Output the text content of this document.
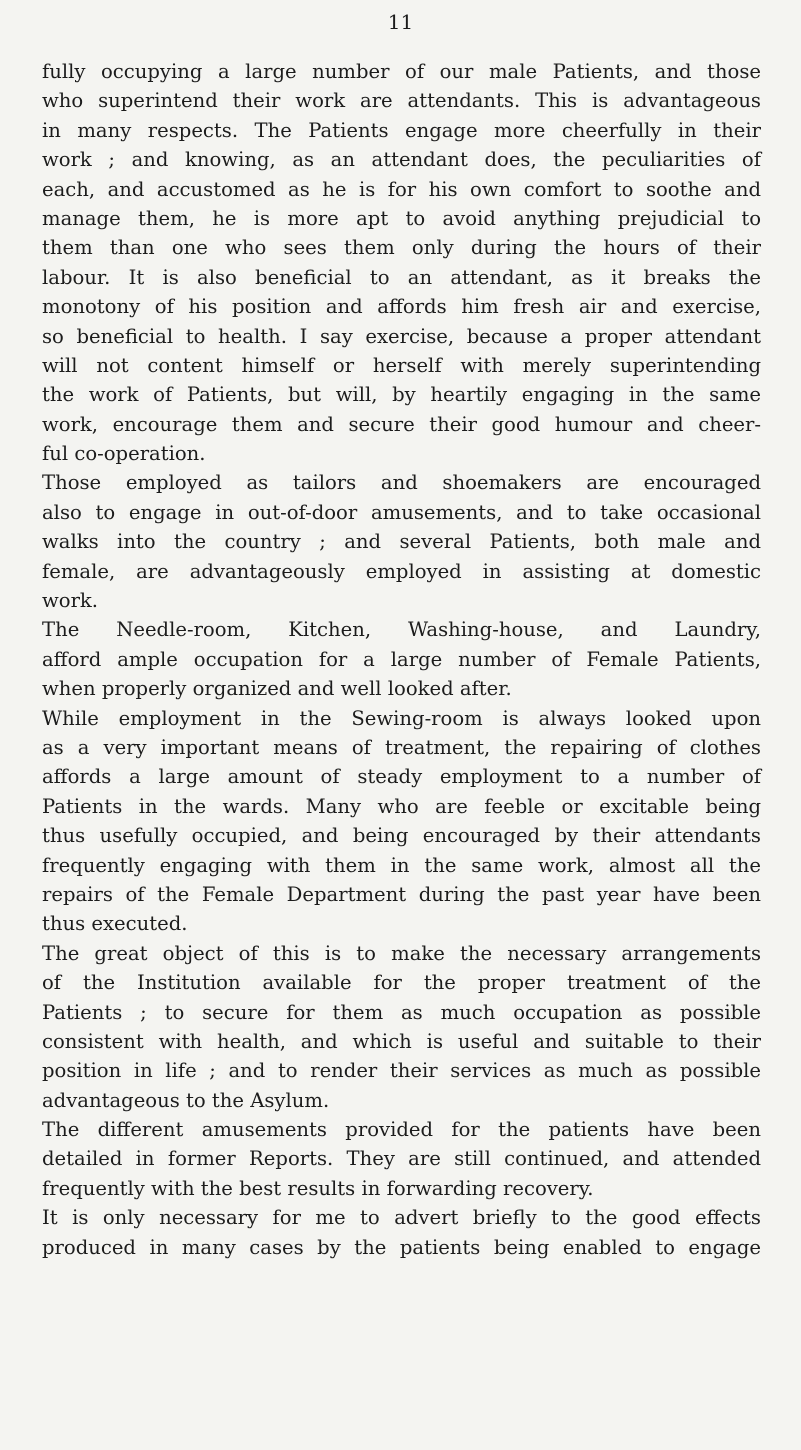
11
fully occupying a large number of our male Patients, and those
who superintend their work are attendants. This is advantageous
in many respects. The Patients engage more cheerfully in their
work ; and knowing, as an attendant does, the peculiarities of
each, and accustomed as he is for his own comfort to soothe and
manage them, he is more apt to avoid anything prejudicial to
them than one who sees them only during the hours of their
labour. It is also beneficial to an attendant, as it breaks the
monotony of his position and affords him fresh air and exercise,
so beneficial to health. I say exercise, because a proper attendant
will not content himself or herself with merely superintending
the work of Patients, but will, by heartily engaging in the same
work, encourage them and secure their good humour and cheer-
ful co-operation.
Those employed as tailors and shoemakers are encouraged
also to engage in out-of-door amusements, and to take occasional
walks into the country ; and several Patients, both male and
female, are advantageously employed in assisting at domestic
work.
The Needle-room, Kitchen, Washing-house, and Laundry,
afford ample occupation for a large number of Female Patients,
when properly organized and well looked after.
While employment in the Sewing-room is always looked upon
as a very important means of treatment, the repairing of clothes
affords a large amount of steady employment to a number of
Patients in the wards. Many who are feeble or excitable being
thus usefully occupied, and being encouraged by their attendants
frequently engaging with them in the same work, almost all the
repairs of the Female Department during the past year have been
thus executed.
The great object of this is to make the necessary arrangements
of the Institution available for the proper treatment of the
Patients ; to secure for them as much occupation as possible
consistent with health, and which is useful and suitable to their
position in life ; and to render their services as much as possible
advantageous to the Asylum.
The different amusements provided for the patients have been
detailed in former Reports. They are still continued, and attended
frequently with the best results in forwarding recovery.
It is only necessary for me to advert briefly to the good effects
produced in many cases by the patients being enabled to engage
